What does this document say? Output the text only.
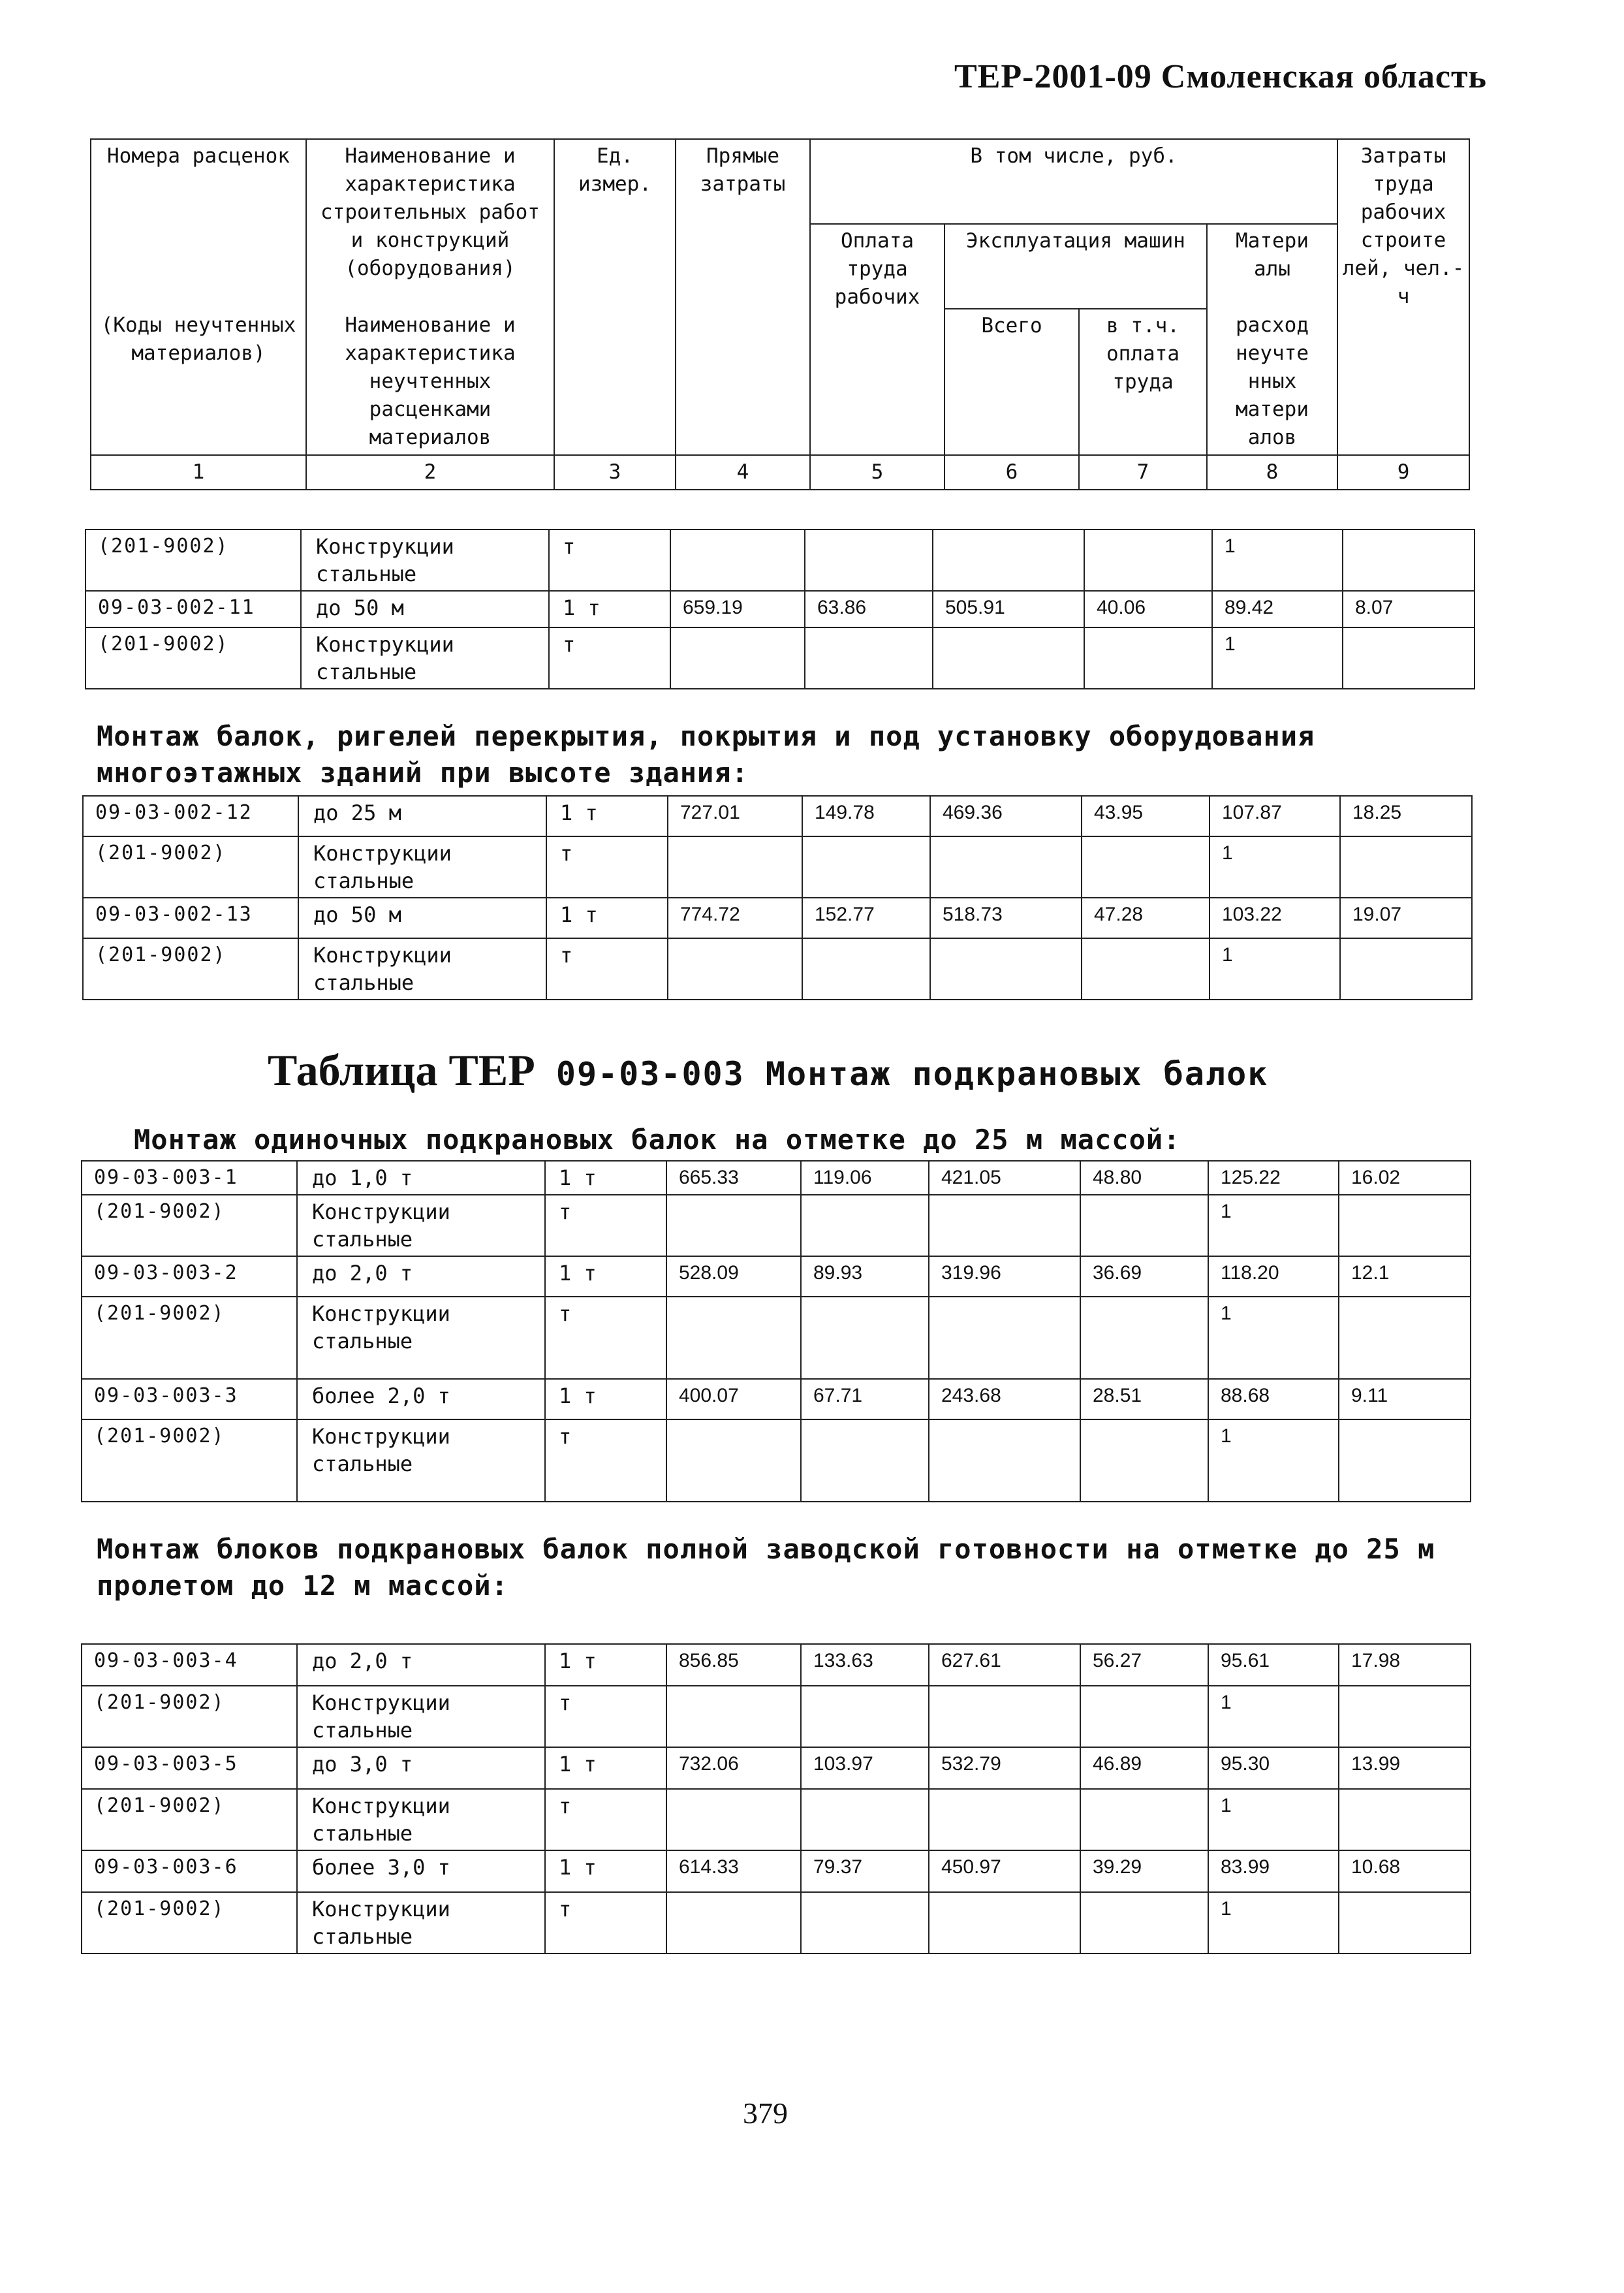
ТЕР-2001-09 Смоленская область
Номера расценок	Наименование и характеристика строительных работ и конструкций (оборудования)	Ед. измер.	Прямые затраты	В том числе, руб.				Затраты труда рабочих строите лей, чел.-ч
				Оплата труда рабочих	Эксплуатация машин		Матери алы	
(Коды неучтенных материалов)	Наименование и характеристика неучтенных расценками материалов				Всего	в т.ч. оплата труда	расход неучте нных матери алов	
1	2	3	4	5	6	7	8	9
(201-9002)	Конструкции стальные	т					1	
09-03-002-11	до 50 м	1 т	659.19	63.86	505.91	40.06	89.42	8.07
(201-9002)	Конструкции стальные	т					1	
Монтаж балок, ригелей перекрытия, покрытия и под установку оборудования многоэтажных зданий при высоте здания:
09-03-002-12	до 25 м	1 т	727.01	149.78	469.36	43.95	107.87	18.25
(201-9002)	Конструкции стальные	т					1	
09-03-002-13	до 50 м	1 т	774.72	152.77	518.73	47.28	103.22	19.07
(201-9002)	Конструкции стальные	т					1	
Таблица ТЕР 09-03-003 Монтаж подкрановых балок
Монтаж одиночных подкрановых балок на отметке до 25 м массой:
09-03-003-1	до 1,0 т	1 т	665.33	119.06	421.05	48.80	125.22	16.02
(201-9002)	Конструкции стальные	т					1	
09-03-003-2	до 2,0 т	1 т	528.09	89.93	319.96	36.69	118.20	12.1
(201-9002)	Конструкции стальные	т					1	
09-03-003-3	более 2,0 т	1 т	400.07	67.71	243.68	28.51	88.68	9.11
(201-9002)	Конструкции стальные	т					1	
Монтаж блоков подкрановых балок полной заводской готовности на отметке до 25 м пролетом до 12 м массой:
09-03-003-4	до 2,0 т	1 т	856.85	133.63	627.61	56.27	95.61	17.98
(201-9002)	Конструкции стальные	т					1	
09-03-003-5	до 3,0 т	1 т	732.06	103.97	532.79	46.89	95.30	13.99
(201-9002)	Конструкции стальные	т					1	
09-03-003-6	более 3,0 т	1 т	614.33	79.37	450.97	39.29	83.99	10.68
(201-9002)	Конструкции стальные	т					1	
379
